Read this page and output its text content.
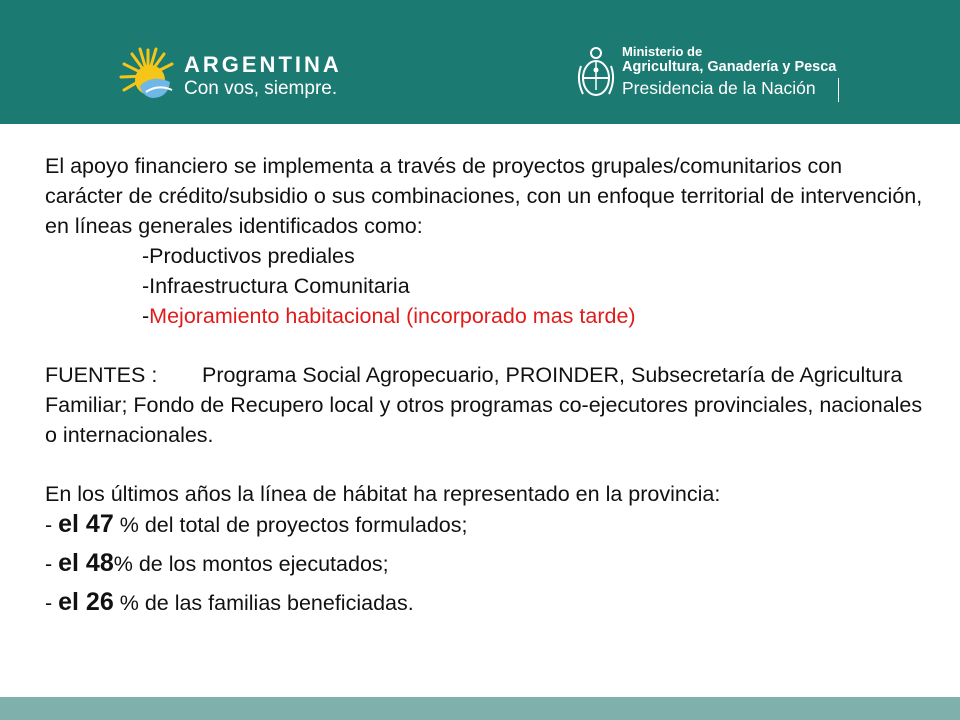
ARGENTINA
Con vos, siempre.
Ministerio de
Agricultura, Ganadería y Pesca
Presidencia de la Nación

El apoyo financiero se implementa a través de proyectos grupales/comunitarios con carácter de crédito/subsidio o sus combinaciones, con un enfoque territorial de intervención, en líneas generales identificados como:

-Productivos prediales

-Infraestructura Comunitaria

-Mejoramiento habitacional (incorporado mas tarde)

FUENTES : Programa Social Agropecuario, PROINDER, Subsecretaría de Agricultura Familiar; Fondo de Recupero local y otros programas co-ejecutores provinciales, nacionales o internacionales.

En los últimos años la línea de hábitat ha representado en la provincia:

- el 47 % del total de proyectos formulados;

- el 48% de los montos ejecutados;

- el 26 % de las familias beneficiadas.
